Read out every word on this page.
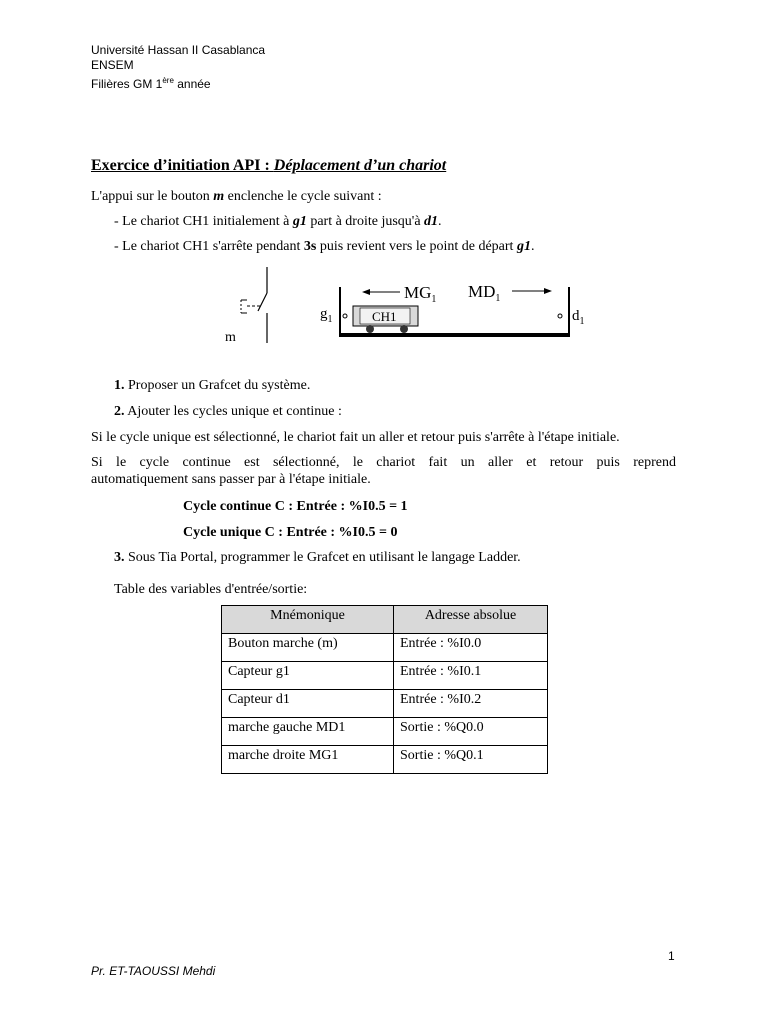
Université Hassan II Casablanca
ENSEM
Filières GM 1ère année
Exercice d’initiation API : Déplacement d’un chariot
L'appui sur le bouton m enclenche le cycle suivant :
- Le chariot CH1 initialement à g1 part à droite jusqu'à d1.
- Le chariot CH1 s'arrête pendant 3s puis revient vers le point de départ g1.
m
$g_1$	$d_1$
CH1
$MG_1$ $MD_1$
1. Proposer un Grafcet du système.
2. Ajouter les cycles unique et continue :
Si le cycle unique est sélectionné, le chariot fait un aller et retour puis s'arrête à l'étape initiale.
Si le cycle continue est sélectionné, le chariot fait un aller et retour puis reprend
automatiquement sans passer par à l'étape initiale.
Cycle continue C : Entrée : %I0.5 = 1
Cycle unique C : Entrée : %I0.5 = 0
3. Sous Tia Portal, programmer le Grafcet en utilisant le langage Ladder.
Table des variables d'entrée/sortie:
Mnémonique	Adresse absolue
Bouton marche (m)	Entrée : %I0.0
Capteur g1	Entrée : %I0.1
Capteur d1	Entrée : %I0.2
marche gauche MD1	Sortie : %Q0.0
marche droite MG1	Sortie : %Q0.1
1
Pr. ET-TAOUSSI Mehdi
